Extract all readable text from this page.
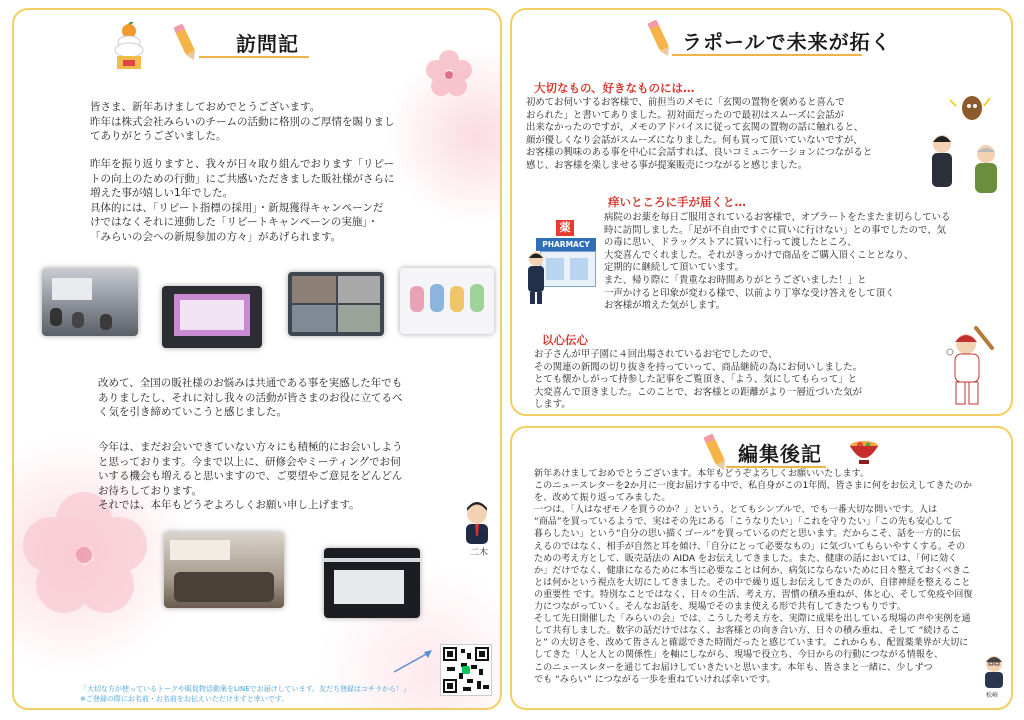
訪問記
皆さま、新年あけましておめでとうございます。
昨年は株式会社みらいのチームの活動に格別のご厚情を賜りまし
てありがとうございました。
昨年を振り返りますと、我々が日々取り組んでおります「リピー
トの向上のための行動」にご共感いただきました販社様がさらに
増えた事が嬉しい1年でした。
具体的には、「リピート指標の採用」・新規獲得キャンペーンだ
けではなくそれに連動した「リピートキャンペーンの実施」・
「みらいの会への新規参加の方々」があげられます。
改めて、全国の販社様のお悩みは共通である事を実感した年でも
ありましたし、それに対し我々の活動が皆さまのお役に立てるべ
く気を引き締めていこうと感じました。
今年は、まだお会いできていない方々にも積極的にお会いしよう
と思っております。今まで以上に、研修会やミーティングでお伺
いする機会も増えると思いますので、ご要望やご意見をどんどん
お待ちしております。
それでは、本年もどうぞよろしくお願い申し上げます。
二木
「大切な方が使っているトークや販促物活動案をLINEでお届けしています。友だち登録はコチラから！」
※ご登録の際にお名前・お名前をお伝えいただけますと幸いです。
ラポールで未来が拓く
大切なもの、好きなものには…
初めてお伺いするお客様で、前担当のメモに「玄関の置物を褒めると喜んで
おられた」と書いてありました。初対面だったので最初はスムーズに会話が
出来なかったのですが、メモのアドバイスに従って玄関の置物の話に触れると、
顔が優しくなり会話がスムーズになりました。何も買って頂いていないですが、
お客様の興味のある事を中心に会話すれば、良いコミュニケーションにつながると
感じ、お客様を楽しませる事が提案販売につながると感じました。
痒いところに手が届くと…
病院のお薬を毎日ご服用されているお客様で、オブラートをたまたま切らしている
時に訪問しました。「足が不自由ですぐに買いに行けない」との事でしたので、気
の毒に思い、ドラッグストアに買いに行って渡したところ、
大変喜んでくれました。それがきっかけで商品をご購入頂くこととなり、
定期的に継続して頂いています。
また、帰り際に「貴重なお時間ありがとうございました！」と
一声かけると印象が変わる様で、以前より丁寧な受け答えをして頂く
お客様が増えた気がします。
薬
PHARMACY
以心伝心
お子さんが甲子園に４回出場されているお宅でしたので、
その関連の新聞の切り抜きを持っていって、商品継続の為にお伺いしました。
とても懐かしがって持参した記事をご覧頂き、「よう、気にしてもらって」と
大変喜んで頂きました。このことで、お客様との距離がより一層近づいた気が
します。
編集後記
新年あけましておめでとうございます。本年もどうぞよろしくお願いいたします。
このニュースレターを2か月に一度お届けする中で、私自身がこの1年間、皆さまに何をお伝えしてきたのか
を、改めて振り返ってみました。
一つは、「人はなぜモノを買うのか？」という、とてもシンプルで、でも一番大切な問いです。人は
“商品”を買っているようで、実はその先にある「こうなりたい」「これを守りたい」「この先も安心して
暮らしたい」という“自分の思い描くゴール”を買っているのだと思います。だからこそ、話を一方的に伝
えるのではなく、相手が自然と耳を傾け、「自分にとって必要なもの」に気づいてもらいやすくする。その
ための考え方として、販売話法の AIDA をお伝えしてきました。また、健康の話においては、「何に効く
か」だけでなく、健康になるために本当に必要なことは何か、病気にならないために日々整えておくべきこ
とは何かという視点を大切にしてきました。その中で繰り返しお伝えしてきたのが、自律神経を整えること
の重要性 です。特別なことではなく、日々の生活、考え方、習慣の積み重ねが、体と心、そして免疫や回復
力につながっていく。そんなお話を、現場でそのまま使える形で共有してきたつもりです。
そして先日開催した「みらいの会」では、こうした考え方を、実際に成果を出している現場の声や実例を通
して共有しました。数字の話だけではなく、お客様との向き合い方、日々の積み重ね、そして “続けるこ
と” の大切さを、改めて皆さんと確認できた時間だったと感じています。これからも、配置薬業界が大切に
してきた「人と人との関係性」を軸にしながら、現場で役立ち、今日からの行動につながる情報を、
このニュースレターを通じてお届けしていきたいと思います。本年も、皆さまと一緒に、少しずつ
でも “みらい” につながる一歩を重ねていければ幸いです。
松崎
